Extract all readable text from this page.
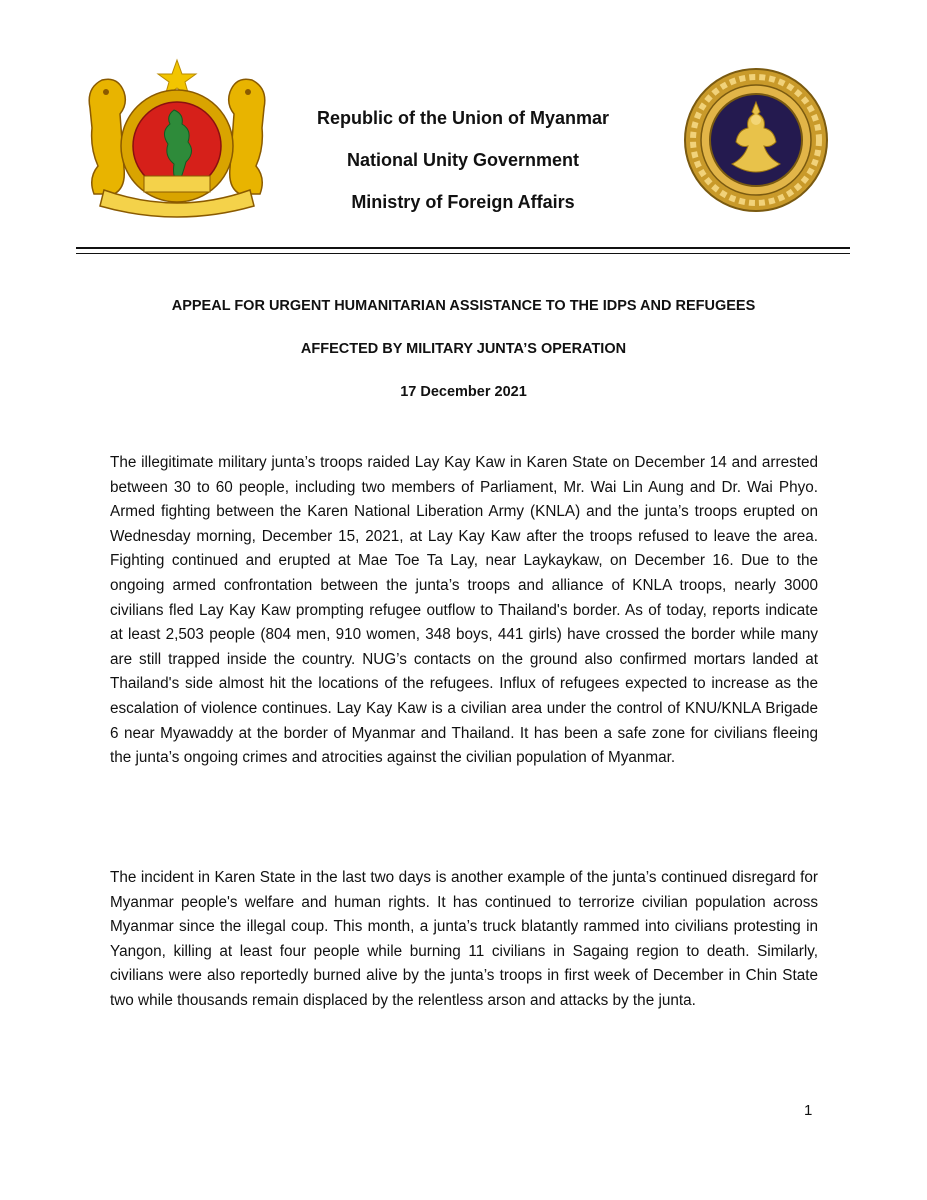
Republic of the Union of Myanmar
National Unity Government
Ministry of Foreign Affairs
APPEAL FOR URGENT HUMANITARIAN ASSISTANCE TO THE IDPS AND REFUGEES
AFFECTED BY MILITARY JUNTA’S OPERATION
17 December 2021

The illegitimate military junta’s troops raided Lay Kay Kaw in Karen State on December 14 and arrested between 30 to 60 people, including two members of Parliament, Mr. Wai Lin Aung and Dr. Wai Phyo. Armed fighting between the Karen National Liberation Army (KNLA) and the junta’s troops erupted on Wednesday morning, December 15, 2021, at Lay Kay Kaw after the troops refused to leave the area. Fighting continued and erupted at Mae Toe Ta Lay, near Laykaykaw, on December 16. Due to the ongoing armed confrontation between the junta’s troops and alliance of KNLA troops, nearly 3000 civilians fled Lay Kay Kaw prompting refugee outflow to Thailand's border. As of today, reports indicate at least 2,503 people (804 men, 910 women, 348 boys, 441 girls) have crossed the border while many are still trapped inside the country. NUG’s contacts on the ground also confirmed mortars landed at Thailand's side almost hit the locations of the refugees. Influx of refugees expected to increase as the escalation of violence continues. Lay Kay Kaw is a civilian area under the control of KNU/KNLA Brigade 6 near Myawaddy at the border of Myanmar and Thailand. It has been a safe zone for civilians fleeing the junta’s ongoing crimes and atrocities against the civilian population of Myanmar.

The incident in Karen State in the last two days is another example of the junta’s continued disregard for Myanmar people's welfare and human rights. It has continued to terrorize civilian population across Myanmar since the illegal coup. This month, a junta’s truck blatantly rammed into civilians protesting in Yangon, killing at least four people while burning 11 civilians in Sagaing region to death. Similarly, civilians were also reportedly burned alive by the junta’s troops in first week of December in Chin State two while thousands remain displaced by the relentless arson and attacks by the junta.

1
